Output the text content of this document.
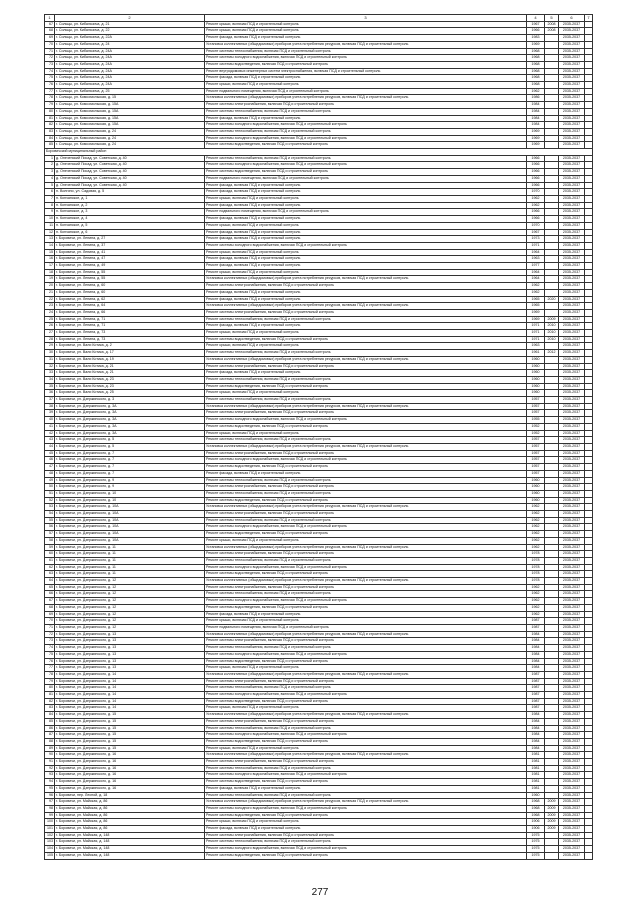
1	2	3	4	5	6	7
67	г. Сольцы, ул. Кибальчича, д. 21	Ремонт крыши, включая ПСД и строительный контроль	1967	2008	2035-2037	
68	г. Сольцы, ул. Кибальчича, д. 22	Ремонт крыши, включая ПСД и строительный контроль	1966	2008	2035-2037	
69	г. Сольцы, ул. Кибальчича, д. 22А	Ремонт фасада, включая ПСД и строительный контроль	1983		2035-2037	
70	г. Сольцы, ул. Кибальчича, д. 24	Установка коллективных (общедомовых) приборов учета потребления ресурсов, включая ПСД и строительный контроль	1969		2035-2037	
71	г. Сольцы, ул. Кибальчича, д. 24А	Ремонт системы теплоснабжения, включая ПСД и строительный контроль	1968		2035-2037	
72	г. Сольцы, ул. Кибальчича, д. 24А	Ремонт системы холодного водоснабжения, включая ПСД и строительный контроль	1968		2035-2037	
73	г. Сольцы, ул. Кибальчича, д. 24А	Ремонт системы водоотведения, включая ПСД и строительный контроль	1968		2035-2037	
74	г. Сольцы, ул. Кибальчича, д. 24А	Ремонт внутридомовых инженерных систем электроснабжения, включая ПСД и строительный контроль	1968		2035-2037	
75	г. Сольцы, ул. Кибальчича, д. 24А	Ремонт фасада, включая ПСД и строительный контроль	1968		2035-2037	
76	г. Сольцы, ул. Кибальчича, д. 24А	Ремонт крыши, включая ПСД и строительный контроль	1968		2035-2037	
77	г. Сольцы, ул. Кибальчича, д. 25	Ремонт подвального помещения, включая ПСД и строительный контроль	1962		2035-2037	
78	г. Сольцы, ул. Комсомольская, д. 15	Установка коллективных (общедомовых) приборов учета потребления ресурсов, включая ПСД и строительный контроль	1986		2035-2037	
79	г. Сольцы, ул. Комсомольская, д. 15А	Ремонт системы электроснабжения, включая ПСД и строительный контроль	1984		2035-2037	
80	г. Сольцы, ул. Комсомольская, д. 15А	Ремонт системы теплоснабжения, включая ПСД и строительный контроль	1984		2035-2037	
81	г. Сольцы, ул. Комсомольская, д. 15А	Ремонт фасада, включая ПСД и строительный контроль	1984		2035-2037	
82	г. Сольцы, ул. Комсомольская, д. 15А	Ремонт системы холодного водоснабжения, включая ПСД и строительный контроль	1984		2035-2037	
83	г. Сольцы, ул. Комсомольская, д. 24	Ремонт системы теплоснабжения, включая ПСД и строительный контроль	1969		2035-2037	
84	г. Сольцы, ул. Комсомольская, д. 24	Ремонт системы холодного водоснабжения, включая ПСД и строительный контроль	1969		2035-2037	
85	г. Сольцы, ул. Комсомольская, д. 24	Ремонт системы водоотведения, включая ПСД и строительный контроль	1969		2035-2037	
Боровичский муниципальный район						
1	д. Опеченский Посад, ул. Советская, д. 40	Ремонт системы теплоснабжения, включая ПСД и строительный контроль	1966		2035-2037	
2	д. Опеченский Посад, ул. Советская, д. 40	Ремонт системы холодного водоснабжения, включая ПСД и строительный контроль	1966		2035-2037	
3	д. Опеченский Посад, ул. Советская, д. 40	Ремонт системы водоотведения, включая ПСД и строительный контроль	1966		2035-2037	
4	д. Опеченский Посад, ул. Советская, д. 40	Ремонт подвального помещения, включая ПСД и строительный контроль	1966		2035-2037	
5	д. Опеченский Посад, ул. Советская, д. 40	Ремонт фасада, включая ПСД и строительный контроль	1966		2035-2037	
6	п. Волгино, ул. Садовая, д. 5	Ремонт фасада, включая ПСД и строительный контроль	1970		2035-2037	
7	п. Кончанское, д. 1	Ремонт крыши, включая ПСД и строительный контроль	1962		2035-2037	
8	п. Кончанское, д. 2	Ремонт фасада, включая ПСД и строительный контроль	1962		2035-2037	
9	п. Кончанское, д. 3	Ремонт подвального помещения, включая ПСД и строительный контроль	1966		2035-2037	
10	п. Кончанское, д. 4	Ремонт фасада, включая ПСД и строительный контроль	1966		2035-2037	
11	п. Кончанское, д. 5	Ремонт крыши, включая ПСД и строительный контроль	1970		2035-2037	
12	п. Кончанское, д. 6	Ремонт фасада, включая ПСД и строительный контроль	1967		2035-2037	
13	г. Боровичи, ул. Ленина, д. 27	Ремонт фасада, включая ПСД и строительный контроль	1973		2035-2037	
14	г. Боровичи, ул. Ленина, д. 37	Ремонт системы холодного водоснабжения, включая ПСД и строительный контроль	1971		2035-2037	
15	г. Боровичи, ул. Ленина, д. 41	Ремонт крыши, включая ПСД и строительный контроль	1964		2035-2037	
16	г. Боровичи, ул. Ленина, д. 47	Ремонт фасада, включая ПСД и строительный контроль	1963		2035-2037	
17	г. Боровичи, ул. Ленина, д. 49	Ремонт фасада, включая ПСД и строительный контроль	1977		2035-2037	
18	г. Боровичи, ул. Ленина, д. 55	Ремонт крыши, включая ПСД и строительный контроль	1964		2035-2037	
19	г. Боровичи, ул. Ленина, д. 55	Установка коллективных (общедомовых) приборов учета потребления ресурсов, включая ПСД и строительный контроль	1964		2035-2037	
20	г. Боровичи, ул. Ленина, д. 60	Ремонт системы электроснабжения, включая ПСД и строительный контроль	1962		2035-2037	
21	г. Боровичи, ул. Ленина, д. 60	Ремонт фасада, включая ПСД и строительный контроль	1962		2035-2037	
22	г. Боровичи, ул. Ленина, д. 62	Ремонт фасада, включая ПСД и строительный контроль	1965	2020	2035-2037	
23	г. Боровичи, ул. Ленина, д. 64	Установка коллективных (общедомовых) приборов учета потребления ресурсов, включая ПСД и строительный контроль	1965		2035-2037	
24	г. Боровичи, ул. Ленина, д. 66	Ремонт системы электроснабжения, включая ПСД и строительный контроль	1969		2035-2037	
25	г. Боровичи, ул. Ленина, д. 71	Ремонт системы теплоснабжения, включая ПСД и строительный контроль	1969	2009	2035-2037	
26	г. Боровичи, ул. Ленина, д. 71	Ремонт фасада, включая ПСД и строительный контроль	1971	2010	2035-2037	
27	г. Боровичи, ул. Ленина, д. 73	Ремонт крыши, включая ПСД и строительный контроль	1971	2010	2035-2037	
28	г. Боровичи, ул. Ленина, д. 73	Ремонт системы водоотведения, включая ПСД и строительный контроль	1971	2010	2035-2037	
29	г. Боровичи, ул. Вали Котика, д. 2	Ремонт крыши, включая ПСД и строительный контроль	1963		2035-2037	
30	г. Боровичи, ул. Вали Котика, д. 17	Ремонт системы теплоснабжения, включая ПСД и строительный контроль	1961	2012	2035-2037	
31	г. Боровичи, ул. Вали Котика, д. 19	Установка коллективных (общедомовых) приборов учета потребления ресурсов, включая ПСД и строительный контроль	1960		2035-2037	
32	г. Боровичи, ул. Вали Котика, д. 21	Ремонт системы электроснабжения, включая ПСД и строительный контроль	1960		2035-2037	
33	г. Боровичи, ул. Вали Котика, д. 21	Ремонт фасада, включая ПСД и строительный контроль	1960		2035-2037	
34	г. Боровичи, ул. Вали Котика, д. 23	Ремонт системы теплоснабжения, включая ПСД и строительный контроль	1960		2035-2037	
35	г. Боровичи, ул. Вали Котика, д. 23	Ремонт системы водоотведения, включая ПСД и строительный контроль	1960		2035-2037	
36	г. Боровичи, ул. Вали Котика, д. 25	Ремонт крыши, включая ПСД и строительный контроль	1960		2035-2037	
37	г. Боровичи, ул. Дзержинского, д. 3	Ремонт системы теплоснабжения, включая ПСД и строительный контроль	1957		2035-2037	
38	г. Боровичи, ул. Дзержинского, д. 3А	Установка коллективных (общедомовых) приборов учета потребления ресурсов, включая ПСД и строительный контроль	1957		2035-2037	
39	г. Боровичи, ул. Дзержинского, д. 3А	Ремонт системы электроснабжения, включая ПСД и строительный контроль	1957		2035-2037	
40	г. Боровичи, ул. Дзержинского, д. 3А	Ремонт системы холодного водоснабжения, включая ПСД и строительный контроль	1955		2035-2037	
41	г. Боровичи, ул. Дзержинского, д. 3А	Ремонт системы водоотведения, включая ПСД и строительный контроль	1952		2035-2037	
42	г. Боровичи, ул. Дзержинского, д. 3А	Ремонт крыши, включая ПСД и строительный контроль	1952		2035-2037	
43	г. Боровичи, ул. Дзержинского, д. 5	Ремонт системы теплоснабжения, включая ПСД и строительный контроль	1957		2035-2037	
44	г. Боровичи, ул. Дзержинского, д. 5	Установка коллективных (общедомовых) приборов учета потребления ресурсов, включая ПСД и строительный контроль	1957		2035-2037	
45	г. Боровичи, ул. Дзержинского, д. 7	Ремонт системы электроснабжения, включая ПСД и строительный контроль	1957		2035-2037	
46	г. Боровичи, ул. Дзержинского, д. 7	Ремонт системы холодного водоснабжения, включая ПСД и строительный контроль	1957		2035-2037	
47	г. Боровичи, ул. Дзержинского, д. 7	Ремонт системы водоотведения, включая ПСД и строительный контроль	1957		2035-2037	
48	г. Боровичи, ул. Дзержинского, д. 7	Ремонт фасада, включая ПСД и строительный контроль	1957		2035-2037	
49	г. Боровичи, ул. Дзержинского, д. 9	Ремонт системы теплоснабжения, включая ПСД и строительный контроль	1960		2035-2037	
50	г. Боровичи, ул. Дзержинского, д. 9	Ремонт системы электроснабжения, включая ПСД и строительный контроль	1960		2035-2037	
51	г. Боровичи, ул. Дзержинского, д. 10	Ремонт системы теплоснабжения, включая ПСД и строительный контроль	1960		2035-2037	
52	г. Боровичи, ул. Дзержинского, д. 10	Ремонт системы водоотведения, включая ПСД и строительный контроль	1960		2035-2037	
53	г. Боровичи, ул. Дзержинского, д. 10А	Установка коллективных (общедомовых) приборов учета потребления ресурсов, включая ПСД и строительный контроль	1962		2035-2037	
54	г. Боровичи, ул. Дзержинского, д. 10А	Ремонт системы электроснабжения, включая ПСД и строительный контроль	1962		2035-2037	
55	г. Боровичи, ул. Дзержинского, д. 10А	Ремонт системы теплоснабжения, включая ПСД и строительный контроль	1962		2035-2037	
56	г. Боровичи, ул. Дзержинского, д. 10А	Ремонт системы холодного водоснабжения, включая ПСД и строительный контроль	1962		2035-2037	
57	г. Боровичи, ул. Дзержинского, д. 10А	Ремонт системы водоотведения, включая ПСД и строительный контроль	1962		2035-2037	
58	г. Боровичи, ул. Дзержинского, д. 10А	Ремонт крыши, включая ПСД и строительный контроль	1962		2035-2037	
59	г. Боровичи, ул. Дзержинского, д. 11	Установка коллективных (общедомовых) приборов учета потребления ресурсов, включая ПСД и строительный контроль	1962		2035-2037	
60	г. Боровичи, ул. Дзержинского, д. 11	Ремонт системы электроснабжения, включая ПСД и строительный контроль	1978		2035-2037	
61	г. Боровичи, ул. Дзержинского, д. 11	Ремонт системы теплоснабжения, включая ПСД и строительный контроль	1978		2035-2037	
62	г. Боровичи, ул. Дзержинского, д. 11	Ремонт системы холодного водоснабжения, включая ПСД и строительный контроль	1978		2035-2037	
63	г. Боровичи, ул. Дзержинского, д. 11	Ремонт системы водоотведения, включая ПСД и строительный контроль	1978		2035-2037	
64	г. Боровичи, ул. Дзержинского, д. 12	Установка коллективных (общедомовых) приборов учета потребления ресурсов, включая ПСД и строительный контроль	1978		2035-2037	
65	г. Боровичи, ул. Дзержинского, д. 12	Ремонт системы электроснабжения, включая ПСД и строительный контроль	1962		2035-2037	
66	г. Боровичи, ул. Дзержинского, д. 12	Ремонт системы теплоснабжения, включая ПСД и строительный контроль	1962		2035-2037	
67	г. Боровичи, ул. Дзержинского, д. 12	Ремонт системы холодного водоснабжения, включая ПСД и строительный контроль	1962		2035-2037	
68	г. Боровичи, ул. Дзержинского, д. 12	Ремонт системы водоотведения, включая ПСД и строительный контроль	1962		2035-2037	
69	г. Боровичи, ул. Дзержинского, д. 12	Ремонт фасада, включая ПСД и строительный контроль	1962		2035-2037	
70	г. Боровичи, ул. Дзержинского, д. 12	Ремонт крыши, включая ПСД и строительный контроль	1987		2035-2037	
71	г. Боровичи, ул. Дзержинского, д. 12	Ремонт подвального помещения, включая ПСД и строительный контроль	1987		2035-2037	
72	г. Боровичи, ул. Дзержинского, д. 13	Установка коллективных (общедомовых) приборов учета потребления ресурсов, включая ПСД и строительный контроль	1984		2035-2037	
73	г. Боровичи, ул. Дзержинского, д. 13	Ремонт системы электроснабжения, включая ПСД и строительный контроль	1984		2035-2037	
74	г. Боровичи, ул. Дзержинского, д. 13	Ремонт системы теплоснабжения, включая ПСД и строительный контроль	1984		2035-2037	
75	г. Боровичи, ул. Дзержинского, д. 13	Ремонт системы холодного водоснабжения, включая ПСД и строительный контроль	1984		2035-2037	
76	г. Боровичи, ул. Дзержинского, д. 13	Ремонт системы водоотведения, включая ПСД и строительный контроль	1984		2035-2037	
77	г. Боровичи, ул. Дзержинского, д. 13	Ремонт крыши, включая ПСД и строительный контроль	1984		2035-2037	
78	г. Боровичи, ул. Дзержинского, д. 14	Установка коллективных (общедомовых) приборов учета потребления ресурсов, включая ПСД и строительный контроль	1987		2035-2037	
79	г. Боровичи, ул. Дзержинского, д. 14	Ремонт системы электроснабжения, включая ПСД и строительный контроль	1987		2035-2037	
80	г. Боровичи, ул. Дзержинского, д. 14	Ремонт системы теплоснабжения, включая ПСД и строительный контроль	1987		2035-2037	
81	г. Боровичи, ул. Дзержинского, д. 14	Ремонт системы холодного водоснабжения, включая ПСД и строительный контроль	1987		2035-2037	
82	г. Боровичи, ул. Дзержинского, д. 14	Ремонт системы водоотведения, включая ПСД и строительный контроль	1987		2035-2037	
83	г. Боровичи, ул. Дзержинского, д. 14	Ремонт крыши, включая ПСД и строительный контроль	1987		2035-2037	
84	г. Боровичи, ул. Дзержинского, д. 15	Установка коллективных (общедомовых) приборов учета потребления ресурсов, включая ПСД и строительный контроль	1984		2035-2037	
85	г. Боровичи, ул. Дзержинского, д. 15	Ремонт системы электроснабжения, включая ПСД и строительный контроль	1984		2035-2037	
86	г. Боровичи, ул. Дзержинского, д. 15	Ремонт системы теплоснабжения, включая ПСД и строительный контроль	1984		2035-2037	
87	г. Боровичи, ул. Дзержинского, д. 15	Ремонт системы холодного водоснабжения, включая ПСД и строительный контроль	1984		2035-2037	
88	г. Боровичи, ул. Дзержинского, д. 15	Ремонт системы водоотведения, включая ПСД и строительный контроль	1984		2035-2037	
89	г. Боровичи, ул. Дзержинского, д. 15	Ремонт крыши, включая ПСД и строительный контроль	1984		2035-2037	
90	г. Боровичи, ул. Дзержинского, д. 16	Установка коллективных (общедомовых) приборов учета потребления ресурсов, включая ПСД и строительный контроль	1981		2035-2037	
91	г. Боровичи, ул. Дзержинского, д. 16	Ремонт системы электроснабжения, включая ПСД и строительный контроль	1981		2035-2037	
92	г. Боровичи, ул. Дзержинского, д. 16	Ремонт системы теплоснабжения, включая ПСД и строительный контроль	1981		2035-2037	
93	г. Боровичи, ул. Дзержинского, д. 16	Ремонт системы холодного водоснабжения, включая ПСД и строительный контроль	1981		2035-2037	
94	г. Боровичи, ул. Дзержинского, д. 16	Ремонт системы водоотведения, включая ПСД и строительный контроль	1981		2035-2037	
95	г. Боровичи, ул. Дзержинского, д. 16	Ремонт фасада, включая ПСД и строительный контроль	1981		2035-2037	
96	г. Боровичи, пер. Лесной, д. 18	Ремонт системы теплоснабжения, включая ПСД и строительный контроль	1960		2035-2037	
97	г. Боровичи, ул. Майская, д. 86	Установка коллективных (общедомовых) приборов учета потребления ресурсов, включая ПСД и строительный контроль	1968	2009	2035-2037	
98	г. Боровичи, ул. Майская, д. 86	Ремонт системы холодного водоснабжения, включая ПСД и строительный контроль	1968	2009	2035-2037	
99	г. Боровичи, ул. Майская, д. 86	Ремонт системы водоотведения, включая ПСД и строительный контроль	1968	2009	2035-2037	
100	г. Боровичи, ул. Майская, д. 86	Ремонт крыши, включая ПСД и строительный контроль	1906	2009	2035-2037	
101	г. Боровичи, ул. Майская, д. 86	Ремонт фасада, включая ПСД и строительный контроль	1906	2009	2035-2037	
102	г. Боровичи, ул. Майская, д. 148	Ремонт системы электроснабжения, включая ПСД и строительный контроль	1975		2035-2037	
103	г. Боровичи, ул. Майская, д. 148	Ремонт системы теплоснабжения, включая ПСД и строительный контроль	1975		2035-2037	
104	г. Боровичи, ул. Майская, д. 148	Ремонт системы холодного водоснабжения, включая ПСД и строительный контроль	1975		2035-2037	
105	г. Боровичи, ул. Майская, д. 148	Ремонт системы водоотведения, включая ПСД и строительный контроль	1975		2035-2037	
277
